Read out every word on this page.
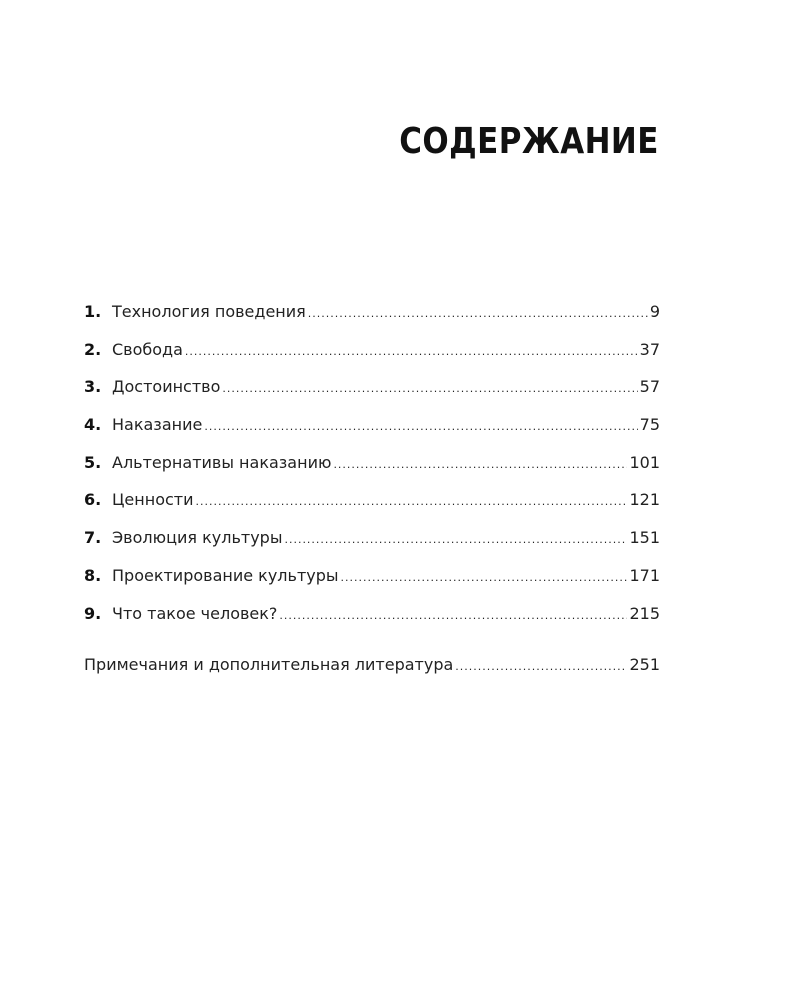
СОДЕРЖАНИЕ
1. Технология поведения .....	9
2. Свобода .....	37
3. Достоинство .....	57
4. Наказание .....	75
5. Альтернативы наказанию .....	101
6. Ценности .....	121
7. Эволюция культуры .....	151
8. Проектирование культуры .....	171
9. Что такое человек? .....	215
Примечания и дополнительная литература .....	251
